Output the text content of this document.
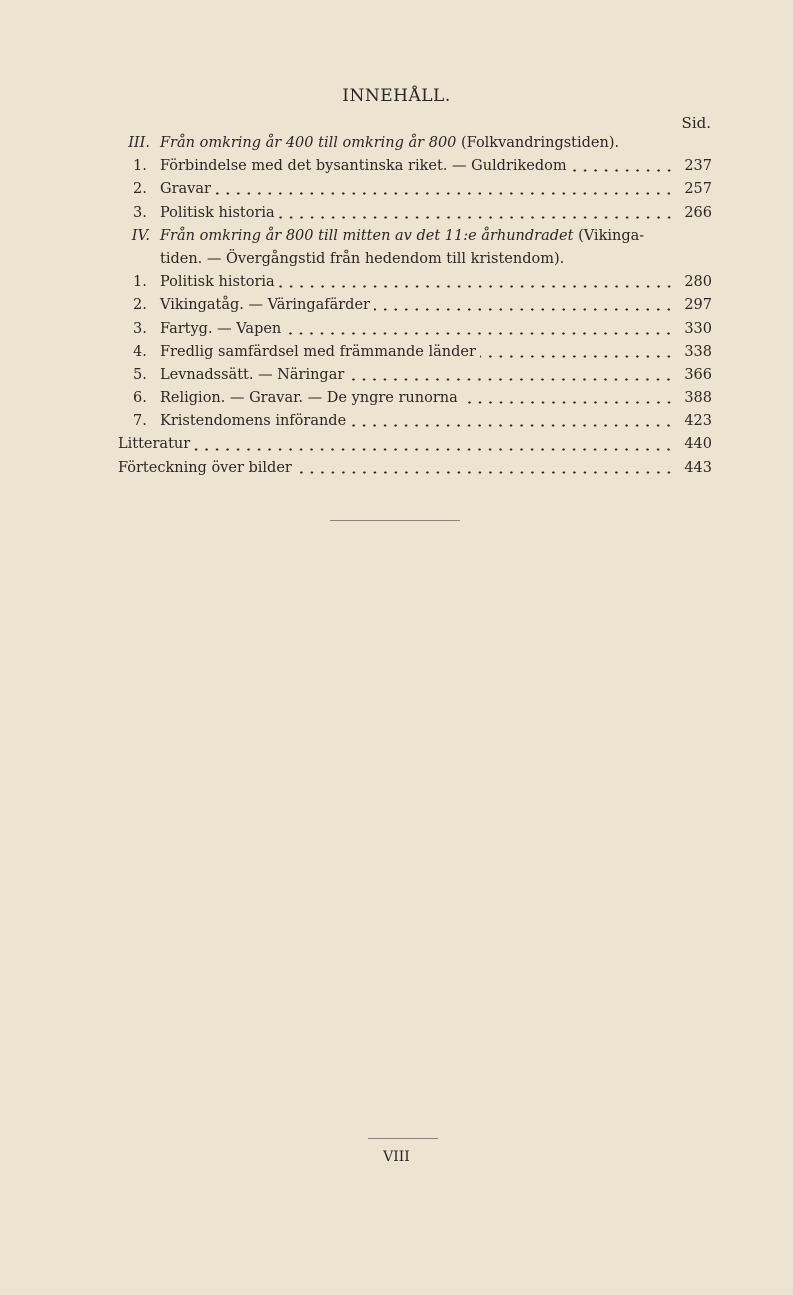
INNEHÅLL.
Sid.
III. Från omkring år 400 till omkring år 800
(Folkvandringstiden).
1. Förbindelse med det bysantinska riket. — Guldrikedom	237
2. Gravar	257
3. Politisk historia	266
IV. Från omkring år 800 till mitten av det 11:e århundradet
(Vikinga-
tiden. — Övergångstid från hedendom till kristendom).
1. Politisk historia	280
2. Vikingatåg. — Väringafärder	297
3. Fartyg. — Vapen	330
4. Fredlig samfärdsel med främmande länder	338
5. Levnadssätt. — Näringar	366
6. Religion. — Gravar. — De yngre runorna	388
7. Kristendomens införande	423
Litteratur	440
Förteckning över bilder	443
VIII
